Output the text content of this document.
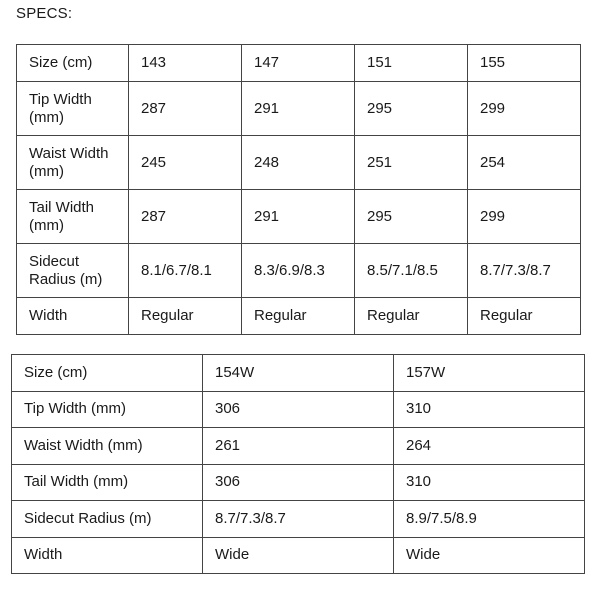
SPECS:
Size (cm)	143	147	151	155
Tip Width (mm)	287	291	295	299
Waist Width (mm)	245	248	251	254
Tail Width (mm)	287	291	295	299
Sidecut Radius (m)	8.1/6.7/8.1	8.3/6.9/8.3	8.5/7.1/8.5	8.7/7.3/8.7
Width	Regular	Regular	Regular	Regular
Size (cm)	154W	157W
Tip Width (mm)	306	310
Waist Width (mm)	261	264
Tail Width (mm)	306	310
Sidecut Radius (m)	8.7/7.3/8.7	8.9/7.5/8.9
Width	Wide	Wide
